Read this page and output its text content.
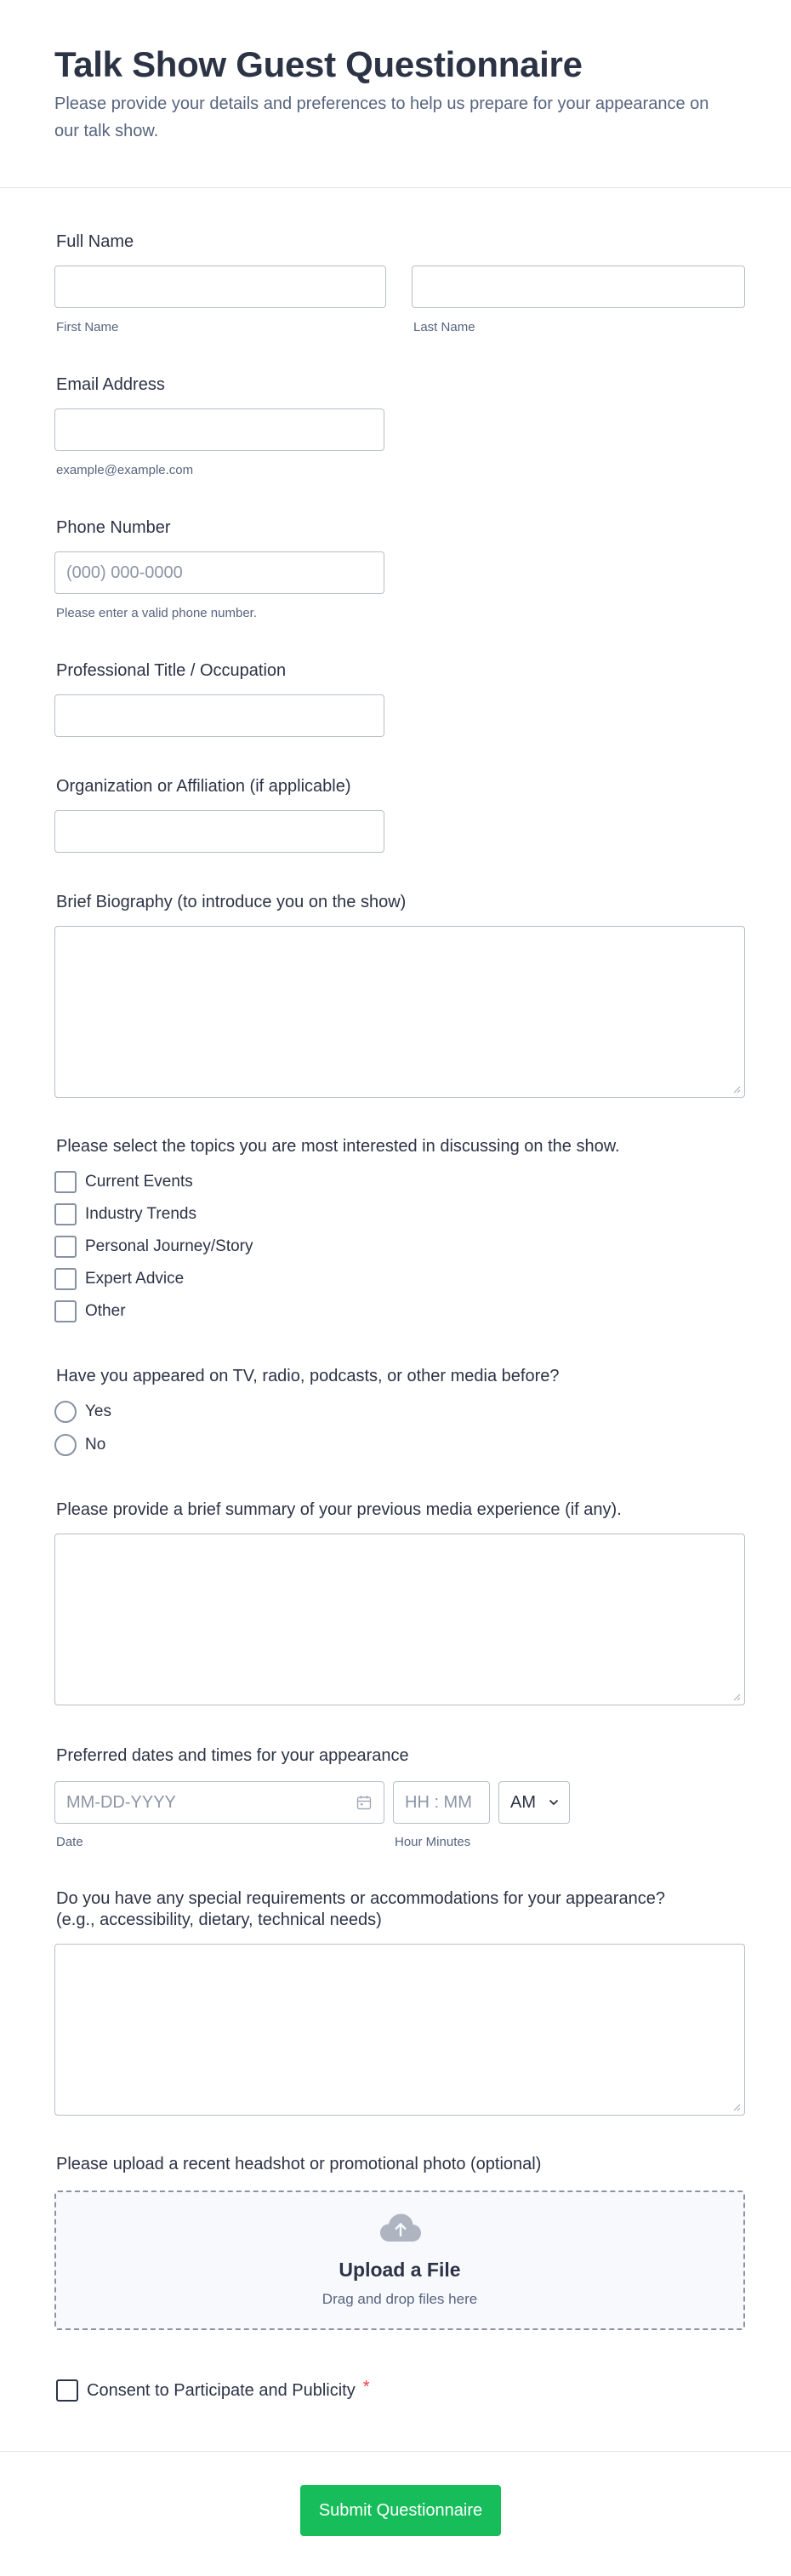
Talk Show Guest Questionnaire

Please provide your details and preferences to help us prepare for your appearance on our talk show.

Full Name
First Name	Last Name
Email Address
example@example.com
Phone Number
(000) 000-0000
Please enter a valid phone number.
Professional Title / Occupation
Organization or Affiliation (if applicable)
Brief Biography (to introduce you on the show)
Please select the topics you are most interested in discussing on the show.
Current Events
Industry Trends
Personal Journey/Story
Expert Advice
Other
Have you appeared on TV, radio, podcasts, or other media before?
Yes
No
Please provide a brief summary of your previous media experience (if any).
Preferred dates and times for your appearance
MM-DD-YYYY	HH : MM	AM
Date	Hour Minutes
Do you have any special requirements or accommodations for your appearance?
(e.g., accessibility, dietary, technical needs)
Please upload a recent headshot or promotional photo (optional)
Upload a File
Drag and drop files here
Consent to Participate and Publicity *
Submit Questionnaire
